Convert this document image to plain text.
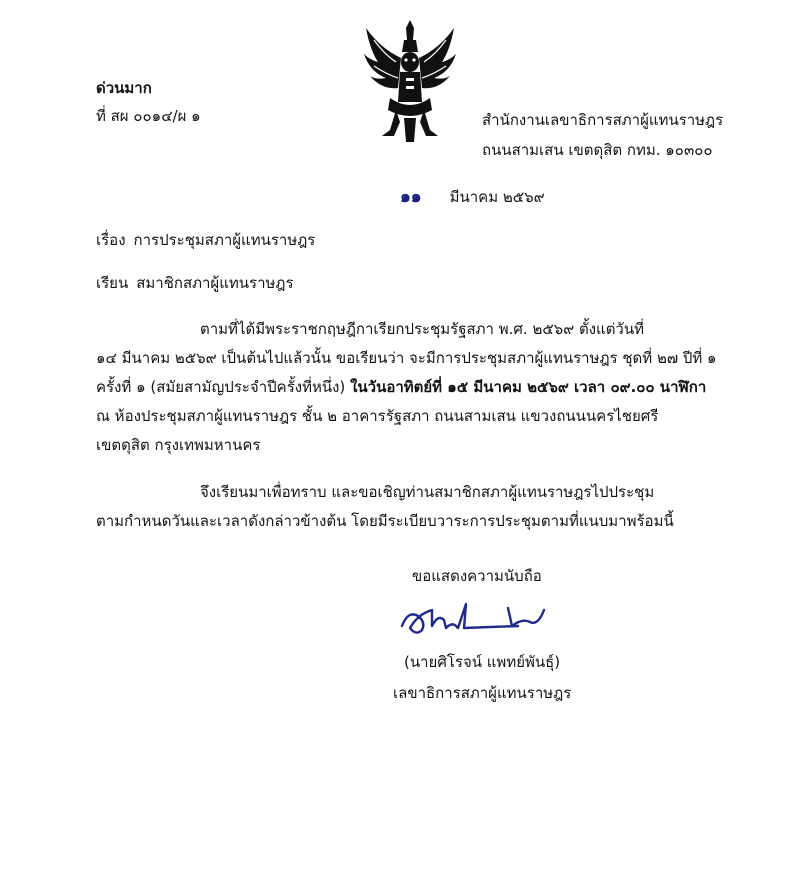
ด่วนมาก
ที่ สผ ๐๐๑๔/ผ ๑	สำนักงานเลขาธิการสภาผู้แทนราษฎร
ถนนสามเสน เขตดุสิต กทม. ๑๐๓๐๐
๑๑ มีนาคม ๒๕๖๙
เรื่อง การประชุมสภาผู้แทนราษฎร
เรียน สมาชิกสภาผู้แทนราษฎร
ตามที่ได้มีพระราชกฤษฎีกาเรียกประชุมรัฐสภา พ.ศ. ๒๕๖๙ ตั้งแต่วันที่
๑๔ มีนาคม ๒๕๖๙ เป็นต้นไปแล้วนั้น ขอเรียนว่า จะมีการประชุมสภาผู้แทนราษฎร ชุดที่ ๒๗ ปีที่ ๑
ครั้งที่ ๑ (สมัยสามัญประจำปีครั้งที่หนึ่ง) ในวันอาทิตย์ที่ ๑๕ มีนาคม ๒๕๖๙ เวลา ๐๙.๐๐ นาฬิกา
ณ ห้องประชุมสภาผู้แทนราษฎร ชั้น ๒ อาคารรัฐสภา ถนนสามเสน แขวงถนนนครไชยศรี
เขตดุสิต กรุงเทพมหานคร
จึงเรียนมาเพื่อทราบ และขอเชิญท่านสมาชิกสภาผู้แทนราษฎรไปประชุม
ตามกำหนดวันและเวลาดังกล่าวข้างต้น โดยมีระเบียบวาระการประชุมตามที่แนบมาพร้อมนี้
ขอแสดงความนับถือ
(นายศิโรจน์ แพทย์พันธุ์)
เลขาธิการสภาผู้แทนราษฎร
